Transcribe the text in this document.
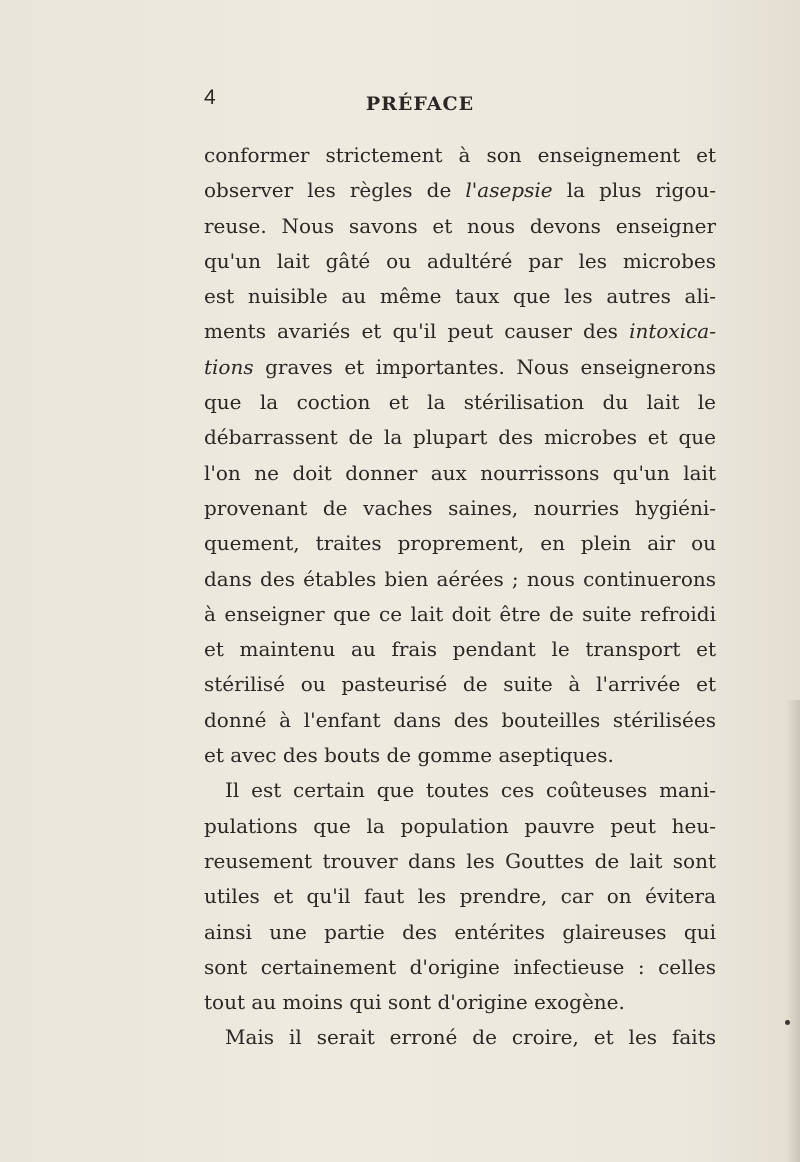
4	PRÉFACE
conformer strictement à son enseignement et
observer les règles de l'asepsie la plus rigou-
reuse. Nous savons et nous devons enseigner
qu'un lait gâté ou adultéré par les microbes
est nuisible au même taux que les autres ali-
ments avariés et qu'il peut causer des intoxica-
tions graves et importantes. Nous enseignerons
que la coction et la stérilisation du lait le
débarrassent de la plupart des microbes et que
l'on ne doit donner aux nourrissons qu'un lait
provenant de vaches saines, nourries hygiéni-
quement, traites proprement, en plein air ou
dans des étables bien aérées ; nous continuerons
à enseigner que ce lait doit être de suite refroidi
et maintenu au frais pendant le transport et
stérilisé ou pasteurisé de suite à l'arrivée et
donné à l'enfant dans des bouteilles stérilisées
et avec des bouts de gomme aseptiques.
Il est certain que toutes ces coûteuses mani-
pulations que la population pauvre peut heu-
reusement trouver dans les Gouttes de lait sont
utiles et qu'il faut les prendre, car on évitera
ainsi une partie des entérites glaireuses qui
sont certainement d'origine infectieuse : celles
tout au moins qui sont d'origine exogène.
Mais il serait erroné de croire, et les faits
